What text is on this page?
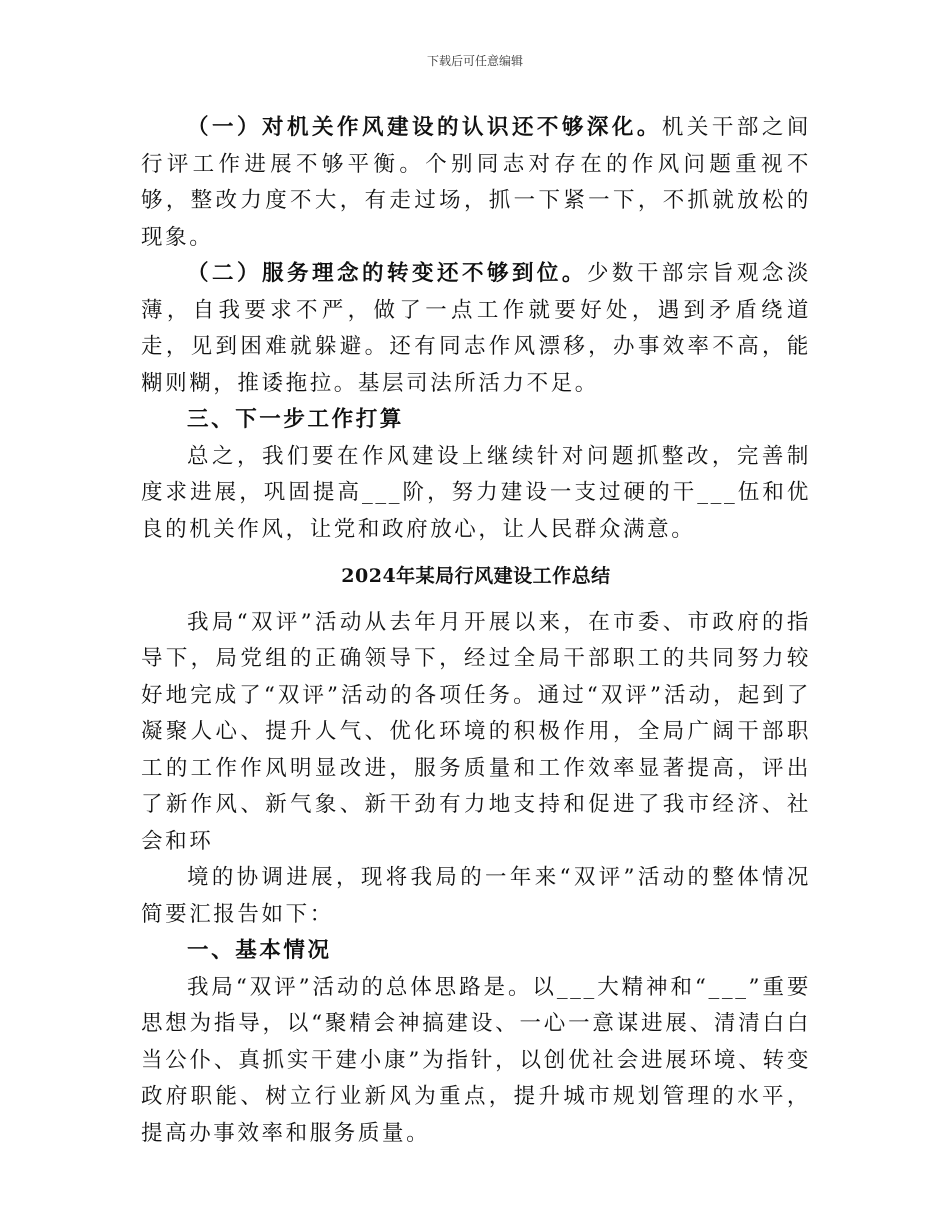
下载后可任意编辑

（一）对机关作风建设的认识还不够深化。机关干部之间行评工作进展不够平衡。个别同志对存在的作风问题重视不够，整改力度不大，有走过场，抓一下紧一下，不抓就放松的现象。

（二）服务理念的转变还不够到位。少数干部宗旨观念淡薄，自我要求不严，做了一点工作就要好处，遇到矛盾绕道走，见到困难就躲避。还有同志作风漂移，办事效率不高，能糊则糊，推诿拖拉。基层司法所活力不足。

三、下一步工作打算

总之，我们要在作风建设上继续针对问题抓整改，完善制度求进展，巩固提高___阶，努力建设一支过硬的干___伍和优良的机关作风，让党和政府放心，让人民群众满意。

2024年某局行风建设工作总结

我局“双评”活动从去年月开展以来，在市委、市政府的指导下，局党组的正确领导下，经过全局干部职工的共同努力较好地完成了“双评”活动的各项任务。通过“双评”活动，起到了凝聚人心、提升人气、优化环境的积极作用，全局广阔干部职工的工作作风明显改进，服务质量和工作效率显著提高，评出了新作风、新气象、新干劲有力地支持和促进了我市经济、社会和环

境的协调进展，现将我局的一年来“双评”活动的整体情况简要汇报告如下：

一、基本情况

我局“双评”活动的总体思路是。以___大精神和“___”重要思想为指导，以“聚精会神搞建设、一心一意谋进展、清清白白当公仆、真抓实干建小康”为指针，以创优社会进展环境、转变政府职能、树立行业新风为重点，提升城市规划管理的水平，提高办事效率和服务质量。
